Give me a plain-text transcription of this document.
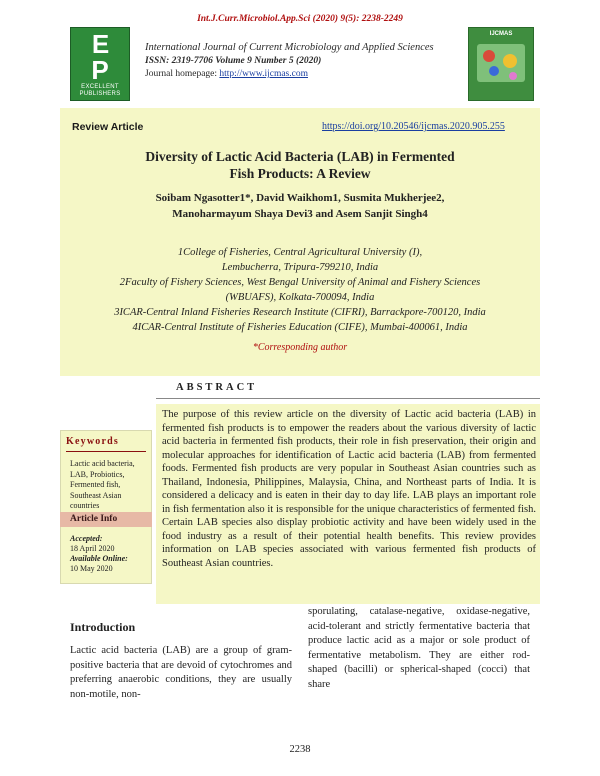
Int.J.Curr.Microbiol.App.Sci (2020) 9(5): 2238-2249
E
P
EXCELLENT PUBLISHERS
International Journal of Current Microbiology and Applied Sciences
ISSN: 2319-7706 Volume 9 Number 5 (2020)
Journal homepage: http://www.ijcmas.com
IJCMAS
Review Article	https://doi.org/10.20546/ijcmas.2020.905.255
Diversity of Lactic Acid Bacteria (LAB) in Fermented
Fish Products: A Review
Soibam Ngasotter1*, David Waikhom1, Susmita Mukherjee2,
Manoharmayum Shaya Devi3 and Asem Sanjit Singh4
1College of Fisheries, Central Agricultural University (I),
Lembucherra, Tripura-799210, India
2Faculty of Fishery Sciences, West Bengal University of Animal and Fishery Sciences
(WBUAFS), Kolkata-700094, India
3ICAR-Central Inland Fisheries Research Institute (CIFRI), Barrackpore-700120, India
4ICAR-Central Institute of Fisheries Education (CIFE), Mumbai-400061, India
*Corresponding author
ABSTRACT
Keywords
Lactic acid bacteria, LAB, Probiotics, Fermented fish, Southeast Asian countries
Article Info
Accepted:
18 April 2020
Available Online:
10 May 2020
The purpose of this review article on the diversity of Lactic acid bacteria (LAB) in fermented fish products is to empower the readers about the various diversity of lactic acid bacteria in fermented fish products, their role in fish preservation, their origin and molecular approaches for identification of Lactic acid bacteria (LAB) from fermented foods. Fermented fish products are very popular in Southeast Asian countries such as Thailand, Indonesia, Philippines, Malaysia, China, and Northeast parts of India. It is considered a delicacy and is eaten in their day to day life. LAB plays an important role in fish fermentation also it is responsible for the unique characteristics of fermented fish. Certain LAB species also display probiotic activity and have been widely used in the food industry as a result of their potential health benefits. This review provides information on LAB species associated with various fermented fish products of Southeast Asian countries.
Introduction
Lactic acid bacteria (LAB) are a group of gram-positive bacteria that are devoid of cytochromes and preferring anaerobic conditions, they are usually non-motile, non-
sporulating, catalase-negative, oxidase-negative, acid-tolerant and strictly fermentative bacteria that produce lactic acid as a major or sole product of fermentative metabolism. They are either rod-shaped (bacilli) or spherical-shaped (cocci) that share
2238
